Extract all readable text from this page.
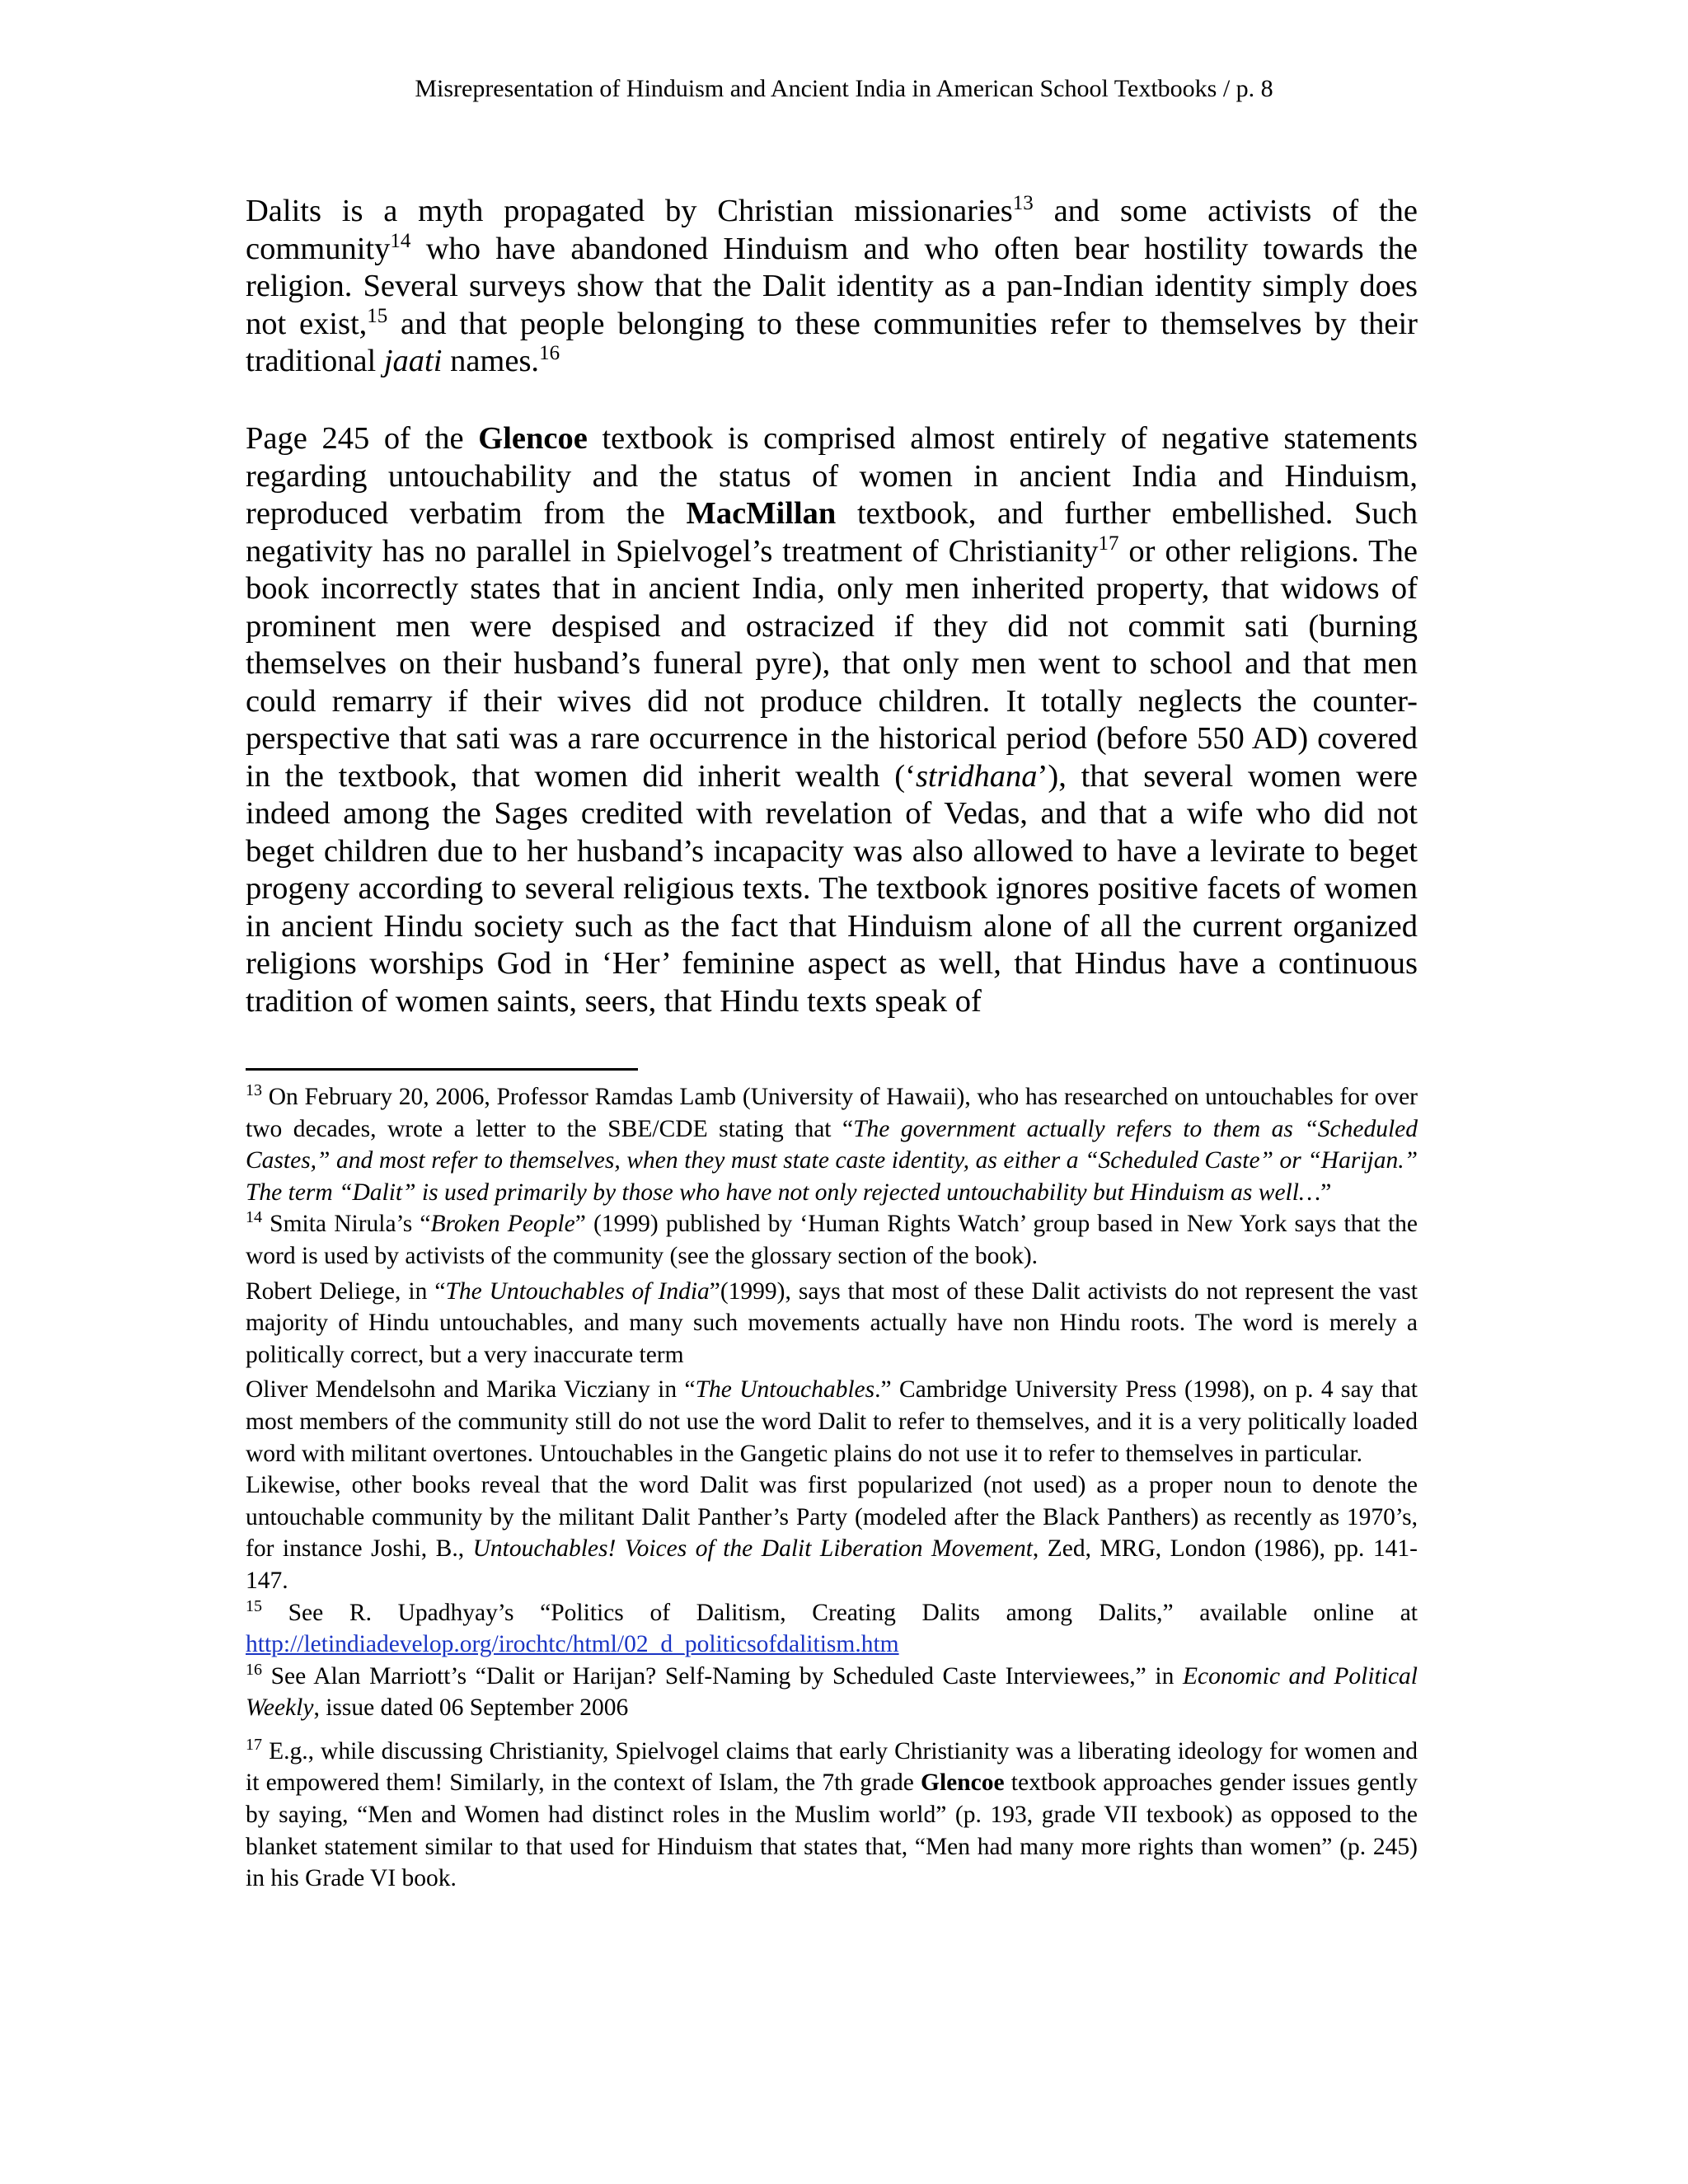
Misrepresentation of Hinduism and Ancient India in American School Textbooks / p. 8

Dalits is a myth propagated by Christian missionaries$^{13}$ and some activists of the community$^{14}$ who have abandoned Hinduism and who often bear hostility towards the religion. Several surveys show that the Dalit identity as a pan-Indian identity simply does not exist,$^{15}$ and that people belonging to these communities refer to themselves by their traditional jaati names.$^{16}$

Page 245 of the Glencoe textbook is comprised almost entirely of negative statements regarding untouchability and the status of women in ancient India and Hinduism, reproduced verbatim from the MacMillan textbook, and further embellished. Such negativity has no parallel in Spielvogel’s treatment of Christianity$^{17}$ or other religions. The book incorrectly states that in ancient India, only men inherited property, that widows of prominent men were despised and ostracized if they did not commit sati (burning themselves on their husband’s funeral pyre), that only men went to school and that men could remarry if their wives did not produce children. It totally neglects the counter-perspective that sati was a rare occurrence in the historical period (before 550 AD) covered in the textbook, that women did inherit wealth (‘stridhana’), that several women were indeed among the Sages credited with revelation of Vedas, and that a wife who did not beget children due to her husband’s incapacity was also allowed to have a levirate to beget progeny according to several religious texts. The textbook ignores positive facets of women in ancient Hindu society such as the fact that Hinduism alone of all the current organized religions worships God in ‘Her’ feminine aspect as well, that Hindus have a continuous tradition of women saints, seers, that Hindu texts speak of

$^{13}$ On February 20, 2006, Professor Ramdas Lamb (University of Hawaii), who has researched on untouchables for over two decades, wrote a letter to the SBE/CDE stating that “The government actually refers to them as “Scheduled Castes,” and most refer to themselves, when they must state caste identity, as either a “Scheduled Caste” or “Harijan.” The term “Dalit” is used primarily by those who have not only rejected untouchability but Hinduism as well…”

$^{14}$ Smita Nirula’s “Broken People” (1999) published by ‘Human Rights Watch’ group based in New York says that the word is used by activists of the community (see the glossary section of the book).

Robert Deliege, in “The Untouchables of India”(1999), says that most of these Dalit activists do not represent the vast majority of Hindu untouchables, and many such movements actually have non Hindu roots. The word is merely a politically correct, but a very inaccurate term

Oliver Mendelsohn and Marika Vicziany in “The Untouchables.” Cambridge University Press (1998), on p. 4 say that most members of the community still do not use the word Dalit to refer to themselves, and it is a very politically loaded word with militant overtones. Untouchables in the Gangetic plains do not use it to refer to themselves in particular.

Likewise, other books reveal that the word Dalit was first popularized (not used) as a proper noun to denote the untouchable community by the militant Dalit Panther’s Party (modeled after the Black Panthers) as recently as 1970’s, for instance Joshi, B., Untouchables! Voices of the Dalit Liberation Movement, Zed, MRG, London (1986), pp. 141-147.

$^{15}$ See R. Upadhyay’s “Politics of Dalitism, Creating Dalits among Dalits,” available online at http://letindiadevelop.org/irochtc/html/02_d_politicsofdalitism.htm

$^{16}$ See Alan Marriott’s “Dalit or Harijan? Self-Naming by Scheduled Caste Interviewees,” in Economic and Political Weekly, issue dated 06 September 2006

$^{17}$ E.g., while discussing Christianity, Spielvogel claims that early Christianity was a liberating ideology for women and it empowered them! Similarly, in the context of Islam, the 7th grade Glencoe textbook approaches gender issues gently by saying, “Men and Women had distinct roles in the Muslim world” (p. 193, grade VII texbook) as opposed to the blanket statement similar to that used for Hinduism that states that, “Men had many more rights than women” (p. 245) in his Grade VI book.
